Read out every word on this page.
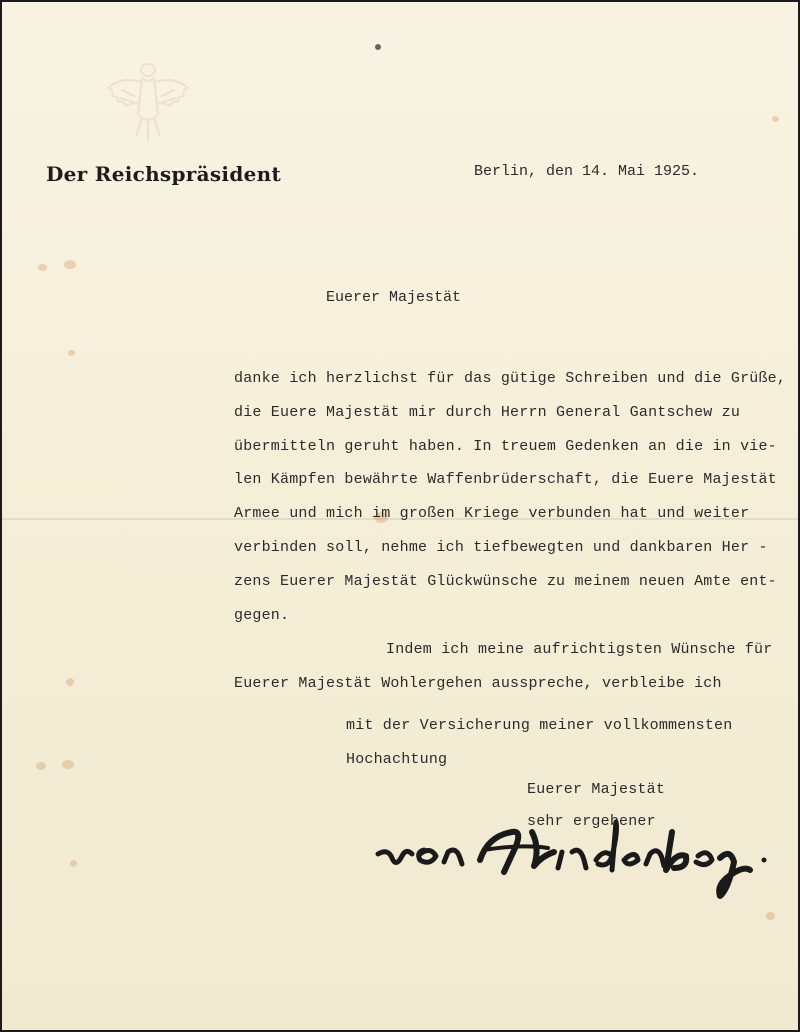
Der Reichspräsident	Berlin, den 14. Mai 1925.
Euerer Majestät
danke ich herzlichst für das gütige Schreiben und die Grüße,
die Euere Majestät mir durch Herrn General Gantschew zu
übermitteln geruht haben. In treuem Gedenken an die in vie-
len Kämpfen bewährte Waffenbrüderschaft, die Euere Majestät
Armee und mich im großen Kriege verbunden hat und weiter
verbinden soll, nehme ich tiefbewegten und dankbaren Her -
zens Euerer Majestät Glückwünsche zu meinem neuen Amte ent-
gegen.
Indem ich meine aufrichtigsten Wünsche für
Euerer Majestät Wohlergehen ausspreche, verbleibe ich
mit der Versicherung meiner vollkommensten
Hochachtung
Euerer Majestät
sehr ergebener
